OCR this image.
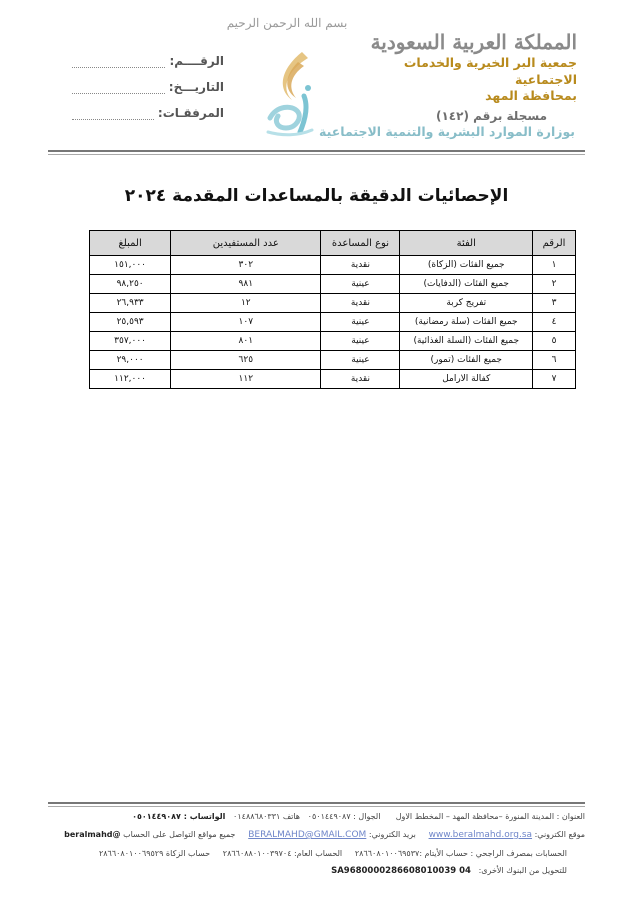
بسم الله الرحمن الرحيم
المملكة العربية السعودية
جمعية البر الخيرية والخدمات الاجتماعية
بمحافظة المهد
مسجلة برقم (١٤٢)
بوزارة الموارد البشرية والتنمية الاجتماعية
الرقــــم:
التاريـــخ:
المرفقـات:
الإحصائيات الدقيقة بالمساعدات المقدمة ٢٠٢٤
الرقم	الفئة	نوع المساعدة	عدد المستفيدين	المبلغ
١	جميع الفئات (الزكاة)	نقدية	٣٠٢	١٥١,٠٠٠
٢	جميع الفئات (الدفايات)	عينية	٩٨١	٩٨,٢٥٠
٣	تفريج كربة	نقدية	١٢	٢٦,٩٣٣
٤	جميع الفئات (سلة رمضانية)	عينية	١٠٧	٢٥,٥٩٣
٥	جميع الفئات (السلة الغذائية)	عينية	٨٠١	٣٥٧,٠٠٠
٦	جميع الفئات (تمور)	عينية	٦٢٥	٢٩,٠٠٠
٧	كفالة الارامل	نقدية	١١٢	١١٢,٠٠٠
العنوان : المدينة المنورة –محافظة المهد – المخطط الاول      الجوال : ٠٥٠١٤٤٩٠٨٧   هاتف ٠١٤٨٨٦٨٠٣٣١   الواتساب : ٠٥٠١٤٤٩٠٨٧
موقع الكتروني: www.beralmahd.org.sa     بريد الكتروني: BERALMAHD@GMAIL.COM     جميع مواقع التواصل على الحساب @beralmahd
الحسابات بمصرف الراجحي : حساب الأيتام :٢٨٦٦٠٨٠١٠٠٦٩٥٣٧     الحساب العام: ٢٨٦٦٠٨٨٠١٠٠٣٩٧٠٤     حساب الزكاة ٢٨٦٦٠٨٠١٠٠٦٩٥٢٩
للتحويل من البنوك الأخرى:   SA9680000286608010039 04
